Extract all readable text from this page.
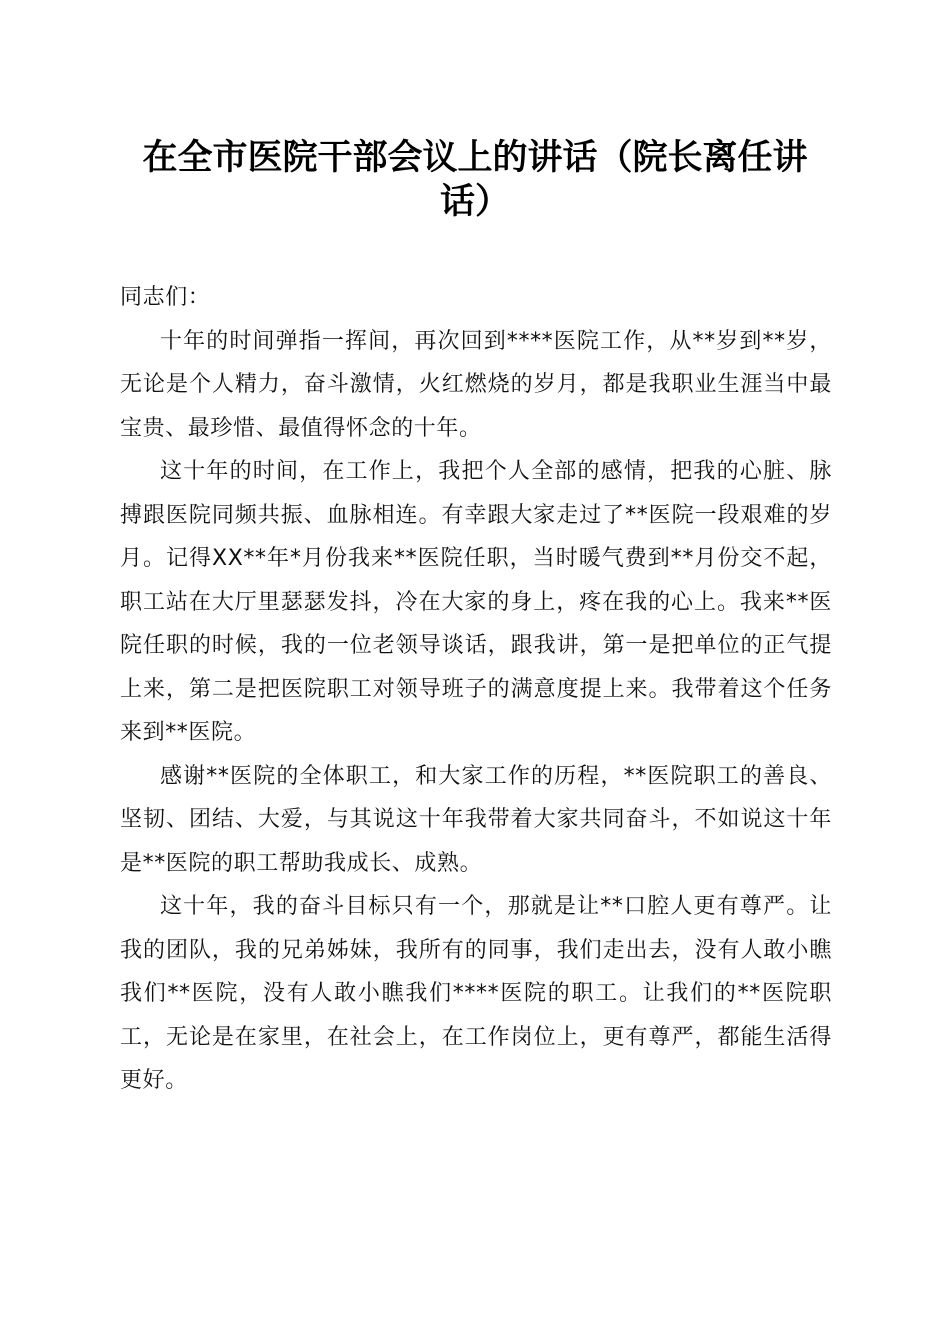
在全市医院干部会议上的讲话（院长离任讲话）

同志们：

十年的时间弹指一挥间，再次回到****医院工作，从**岁到**岁，无论是个人精力，奋斗激情，火红燃烧的岁月，都是我职业生涯当中最宝贵、最珍惜、最值得怀念的十年。

这十年的时间，在工作上，我把个人全部的感情，把我的心脏、脉搏跟医院同频共振、血脉相连。有幸跟大家走过了**医院一段艰难的岁月。记得XX**年*月份我来**医院任职，当时暖气费到**月份交不起，职工站在大厅里瑟瑟发抖，冷在大家的身上，疼在我的心上。我来**医院任职的时候，我的一位老领导谈话，跟我讲，第一是把单位的正气提上来，第二是把医院职工对领导班子的满意度提上来。我带着这个任务来到**医院。

感谢**医院的全体职工，和大家工作的历程，**医院职工的善良、坚韧、团结、大爱，与其说这十年我带着大家共同奋斗，不如说这十年是**医院的职工帮助我成长、成熟。

这十年，我的奋斗目标只有一个，那就是让**口腔人更有尊严。让我的团队，我的兄弟姊妹，我所有的同事，我们走出去，没有人敢小瞧我们**医院，没有人敢小瞧我们****医院的职工。让我们的**医院职工，无论是在家里，在社会上，在工作岗位上，更有尊严，都能生活得更好。
